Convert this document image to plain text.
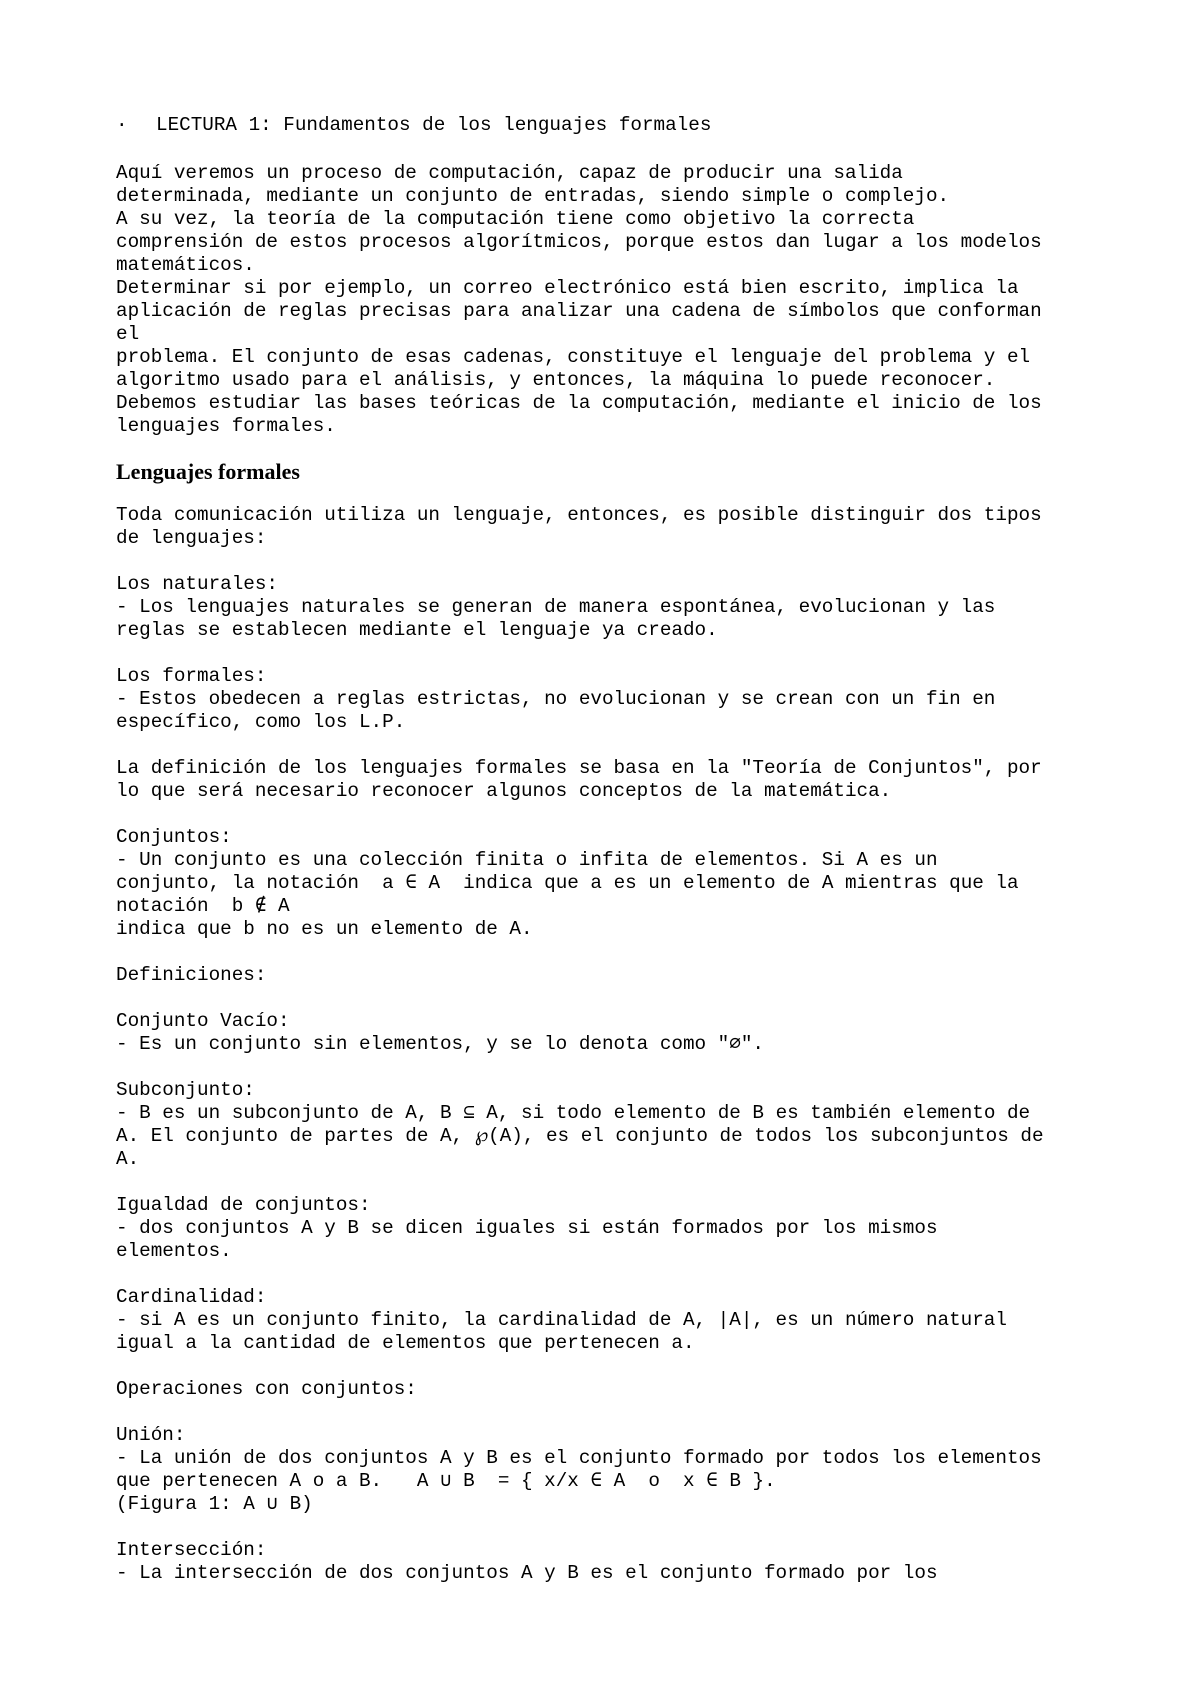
· LECTURA 1: Fundamentos de los lenguajes formales

Aquí veremos un proceso de computación, capaz de producir una salida

determinada, mediante un conjunto de entradas, siendo simple o complejo.

A su vez, la teoría de la computación tiene como objetivo la correcta

comprensión de estos procesos algorítmicos, porque estos dan lugar a los modelos

matemáticos.

Determinar si por ejemplo, un correo electrónico está bien escrito, implica la

aplicación de reglas precisas para analizar una cadena de símbolos que conforman

el

problema. El conjunto de esas cadenas, constituye el lenguaje del problema y el

algoritmo usado para el análisis, y entonces, la máquina lo puede reconocer.

Debemos estudiar las bases teóricas de la computación, mediante el inicio de los

lenguajes formales.

Lenguajes formales

Toda comunicación utiliza un lenguaje, entonces, es posible distinguir dos tipos

de lenguajes:

Los naturales:

- Los lenguajes naturales se generan de manera espontánea, evolucionan y las

reglas se establecen mediante el lenguaje ya creado.

Los formales:

- Estos obedecen a reglas estrictas, no evolucionan y se crean con un fin en

específico, como los L.P.

La definición de los lenguajes formales se basa en la "Teoría de Conjuntos", por

lo que será necesario reconocer algunos conceptos de la matemática.

Conjuntos:

- Un conjunto es una colección finita o infita de elementos. Si A es un

conjunto, la notación  a ∈ A  indica que a es un elemento de A mientras que la

notación  b ∉ A

indica que b no es un elemento de A.

Definiciones:

Conjunto Vacío:

- Es un conjunto sin elementos, y se lo denota como "∅".

Subconjunto:

- B es un subconjunto de A, B ⊆ A, si todo elemento de B es también elemento de

A. El conjunto de partes de A, ℘(A), es el conjunto de todos los subconjuntos de

A.

Igualdad de conjuntos:

- dos conjuntos A y B se dicen iguales si están formados por los mismos

elementos.

Cardinalidad:

- si A es un conjunto finito, la cardinalidad de A, |A|, es un número natural

igual a la cantidad de elementos que pertenecen a.

Operaciones con conjuntos:

Unión:

- La unión de dos conjuntos A y B es el conjunto formado por todos los elementos

que pertenecen A o a B.   A ∪ B  = { x/x ∈ A  o  x ∈ B }.

(Figura 1: A ∪ B)

Intersección:

- La intersección de dos conjuntos A y B es el conjunto formado por los
